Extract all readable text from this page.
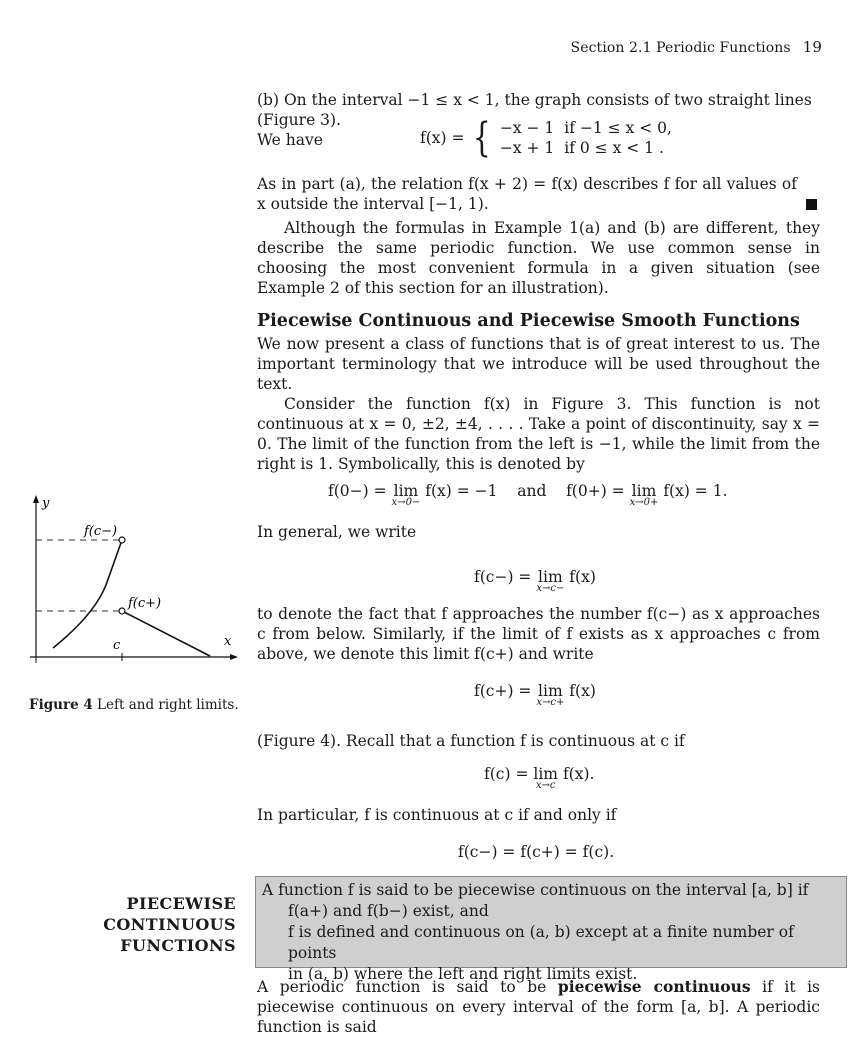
Section 2.1 Periodic Functions 19

(b) On the interval −1 ≤ x < 1, the graph consists of two straight lines (Figure 3).

We have	f(x) = { −x − 1	if −1 ≤ x < 0,
−x + 1	if 0 ≤ x < 1 .

As in part (a), the relation f(x + 2) = f(x) describes f for all values of x outside the interval [−1, 1).

Although the formulas in Example 1(a) and (b) are different, they describe the same periodic function. We use common sense in choosing the most convenient formula in a given situation (see Example 2 of this section for an illustration).

Piecewise Continuous and Piecewise Smooth Functions

We now present a class of functions that is of great interest to us. The important terminology that we introduce will be used throughout the text.

Consider the function f(x) in Figure 3. This function is not continuous at x = 0, ±2, ±4, . . . . Take a point of discontinuity, say x = 0. The limit of the function from the left is −1, while the limit from the right is 1. Symbolically, this is denoted by

f(0−) = lim
x→0−
f(x) = −1    and    f(0+) = lim
x→0+
f(x) = 1.

In general, we write

f(c−) = lim
x→c−
f(x)

to denote the fact that f approaches the number f(c−) as x approaches c from below. Similarly, if the limit of f exists as x approaches c from above, we denote this limit f(c+) and write

f(c+) = lim
x→c+
f(x)

(Figure 4). Recall that a function f is continuous at c if

f(c) = lim
x→c
f(x).

In particular, f is continuous at c if and only if

f(c−) = f(c+) = f(c).
PIECEWISE
CONTINUOUS
FUNCTIONS

A function f is said to be piecewise continuous on the interval [a, b] if

f(a+) and f(b−) exist, and

f is defined and continuous on (a, b) except at a finite number of points

in (a, b) where the left and right limits exist.

A periodic function is said to be piecewise continuous if it is piecewise continuous on every interval of the form [a, b]. A periodic function is said

y
x
f(c−)
f(c+)
c
Figure 4 Left and right limits.
